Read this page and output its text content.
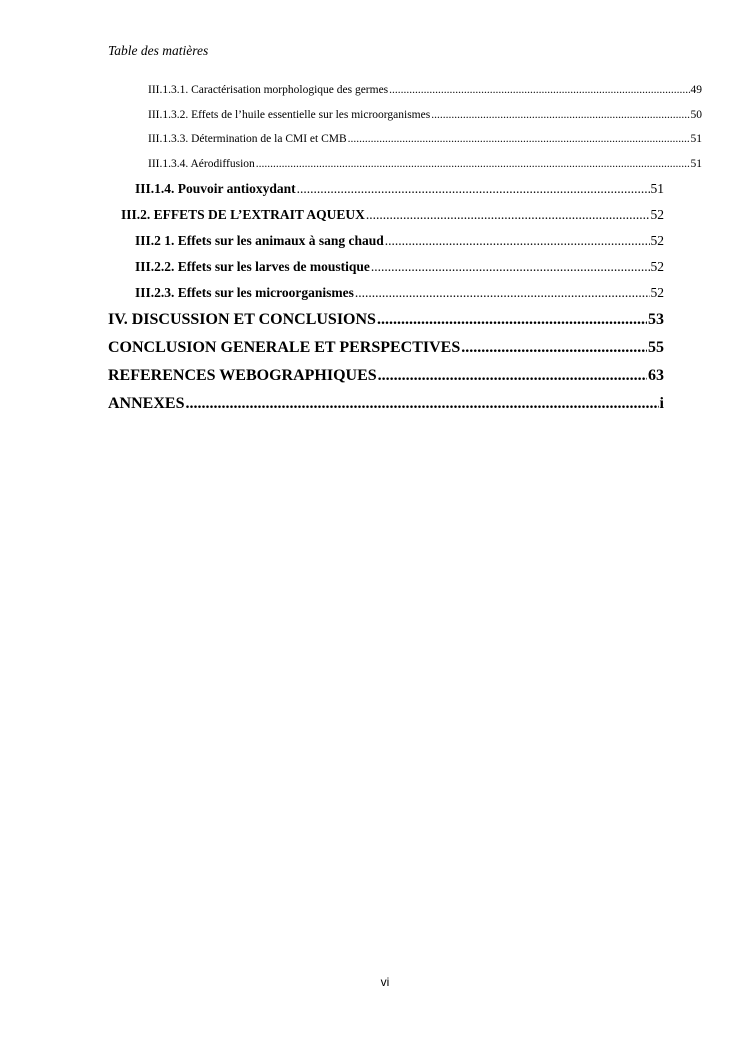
Table des matières
III.1.3.1. Caractérisation morphologique des germes .....	49
III.1.3.2. Effets de l’huile essentielle sur les microorganismes .....	50
III.1.3.3. Détermination de la CMI et CMB .....	51
III.1.3.4. Aérodiffusion .....	51
III.1.4. Pouvoir antioxydant .....	51
III.2. EFFETS DE L’EXTRAIT AQUEUX .....	52
III.2 1. Effets sur les animaux à sang chaud .....	52
III.2.2. Effets sur les larves de moustique .....	52
III.2.3. Effets sur les microorganismes .....	52
IV. DISCUSSION ET CONCLUSIONS .....	53
CONCLUSION GENERALE ET PERSPECTIVES .....	55
REFERENCES WEBOGRAPHIQUES .....	63
ANNEXES .....	i
vi
